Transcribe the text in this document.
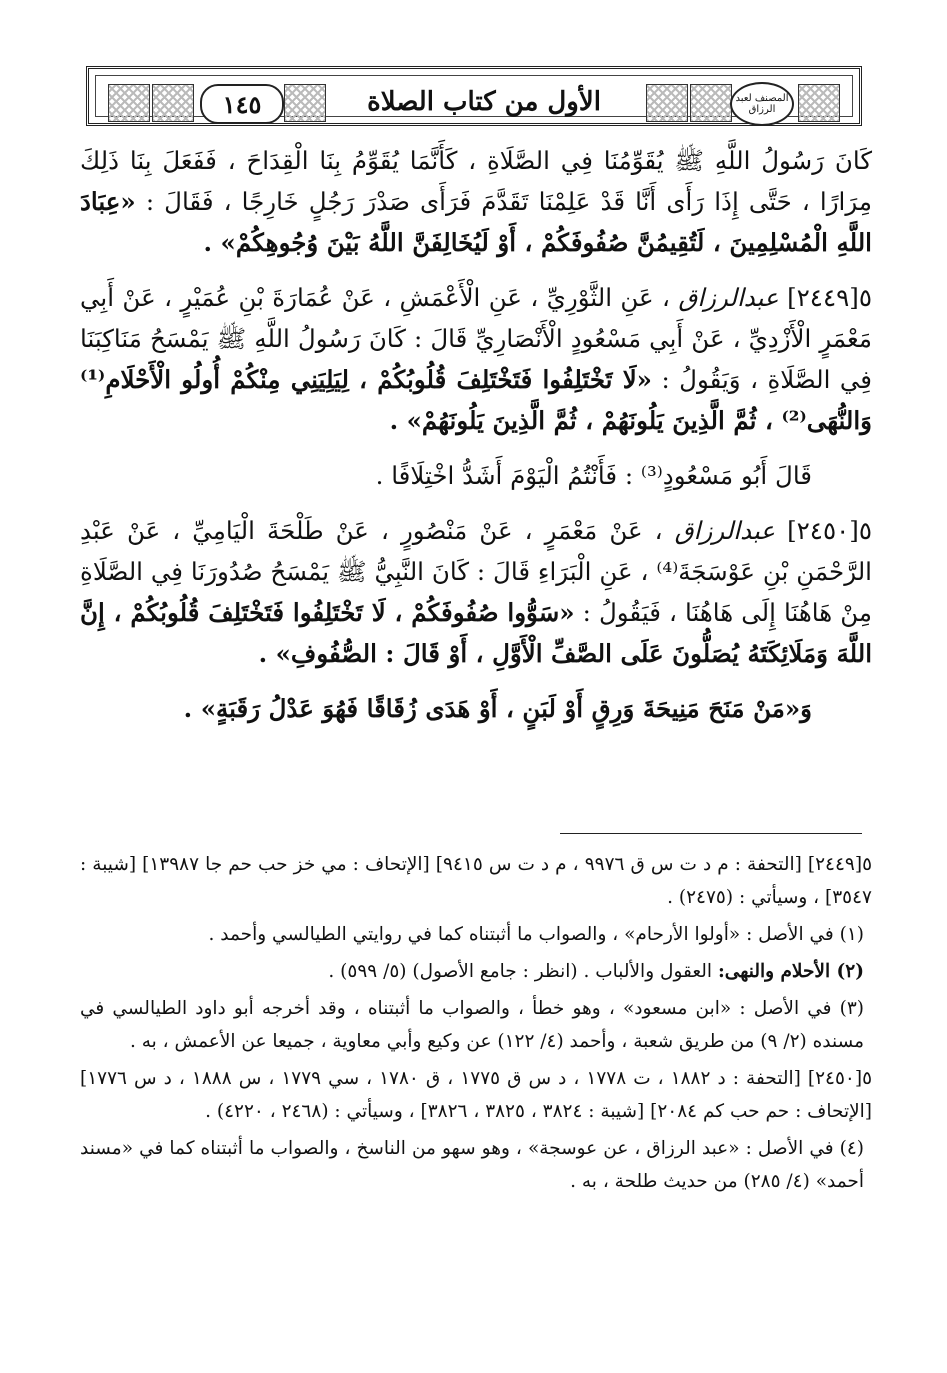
١٤٥	الأول من كتاب الصلاة	المصنف لعبد الرزاق

كَانَ رَسُولُ اللَّهِ ﷺ يُقَوِّمُنَا فِي الصَّلَاةِ ، كَأَنَّمَا يُقَوِّمُ بِنَا الْقِدَاحَ ، فَفَعَلَ بِنَا ذَلِكَ مِرَارًا ، حَتَّى إِذَا رَأَى أَنَّا قَدْ عَلِمْنَا تَقَدَّمَ فَرَأَى صَدْرَ رَجُلٍ خَارِجًا ، فَقَالَ : «عِبَادَ اللَّهِ الْمُسْلِمِينَ ، لَتُقِيمُنَّ صُفُوفَكُمْ ، أَوْ لَيُخَالِفَنَّ اللَّهُ بَيْنَ وُجُوهِكُمْ» .

٥[٢٤٤٩] عبدالرزاق ، عَنِ الثَّوْرِيِّ ، عَنِ الْأَعْمَشِ ، عَنْ عُمَارَةَ بْنِ عُمَيْرٍ ، عَنْ أَبِي مَعْمَرٍ الْأَزْدِيِّ ، عَنْ أَبِي مَسْعُودٍ الْأَنْصَارِيِّ قَالَ : كَانَ رَسُولُ اللَّهِ ﷺ يَمْسَحُ مَنَاكِبَنَا فِي الصَّلَاةِ ، وَيَقُولُ : «لَا تَخْتَلِفُوا فَتَخْتَلِفَ قُلُوبُكُمْ ، لِيَلِيَنِي مِنْكُمْ أُولُو الْأَحْلَامِ⁽¹⁾ وَالنُّهَى⁽²⁾ ، ثُمَّ الَّذِينَ يَلُونَهُمْ ، ثُمَّ الَّذِينَ يَلُونَهُمْ» .

قَالَ أَبُو مَسْعُودٍ⁽³⁾ : فَأَنْتُمُ الْيَوْمَ أَشَدُّ اخْتِلَافًا .

٥[٢٤٥٠] عبدالرزاق ، عَنْ مَعْمَرٍ ، عَنْ مَنْصُورٍ ، عَنْ طَلْحَةَ الْيَامِيِّ ، عَنْ عَبْدِ الرَّحْمَنِ بْنِ عَوْسَجَةَ⁽⁴⁾ ، عَنِ الْبَرَاءِ قَالَ : كَانَ النَّبِيُّ ﷺ يَمْسَحُ صُدُورَنَا فِي الصَّلَاةِ مِنْ هَاهُنَا إِلَى هَاهُنَا ، فَيَقُولُ : «سَوُّوا صُفُوفَكُمْ ، لَا تَخْتَلِفُوا فَتَخْتَلِفَ قُلُوبُكُمْ ، إِنَّ اللَّهَ وَمَلَائِكَتَهُ يُصَلُّونَ عَلَى الصَّفِّ الْأَوَّلِ ، أَوْ قَالَ : الصُّفُوفِ» .

وَ«مَنْ مَنَحَ مَنِيحَةَ وَرِقٍ أَوْ لَبَنٍ ، أَوْ هَدَى زُقَاقًا فَهُوَ عَدْلُ رَقَبَةٍ» .

٥[٢٤٤٩] [التحفة : م د ت س ق ٩٩٧٦ ، م د ت س ٩٤١٥] [الإتحاف : مي خز حب حم جا ١٣٩٨٧] [شيبة : ٣٥٤٧] ، وسيأتي : (٢٤٧٥) .

(١) في الأصل : «أولوا الأرحام» ، والصواب ما أثبتناه كما في روايتي الطيالسي وأحمد .

(٢) الأحلام والنهى: العقول والألباب . (انظر : جامع الأصول) (٥/ ٥٩٩) .

(٣) في الأصل : «ابن مسعود» ، وهو خطأ ، والصواب ما أثبتناه ، وقد أخرجه أبو داود الطيالسي في مسنده (٢/ ٩) من طريق شعبة ، وأحمد (٤/ ١٢٢) عن وكيع وأبي معاوية ، جميعا عن الأعمش ، به .

٥[٢٤٥٠] [التحفة : د ١٨٨٢ ، ت ١٧٧٨ ، د س ق ١٧٧٥ ، ق ١٧٨٠ ، سي ١٧٧٩ ، س ١٨٨٨ ، د س ١٧٧٦] [الإتحاف : حم حب كم ٢٠٨٤] [شيبة : ٣٨٢٤ ، ٣٨٢٥ ، ٣٨٢٦] ، وسيأتي : (٢٤٦٨ ، ٤٢٢٠) .

(٤) في الأصل : «عبد الرزاق ، عن عوسجة» ، وهو سهو من الناسخ ، والصواب ما أثبتناه كما في «مسند أحمد» (٤/ ٢٨٥) من حديث طلحة ، به .
